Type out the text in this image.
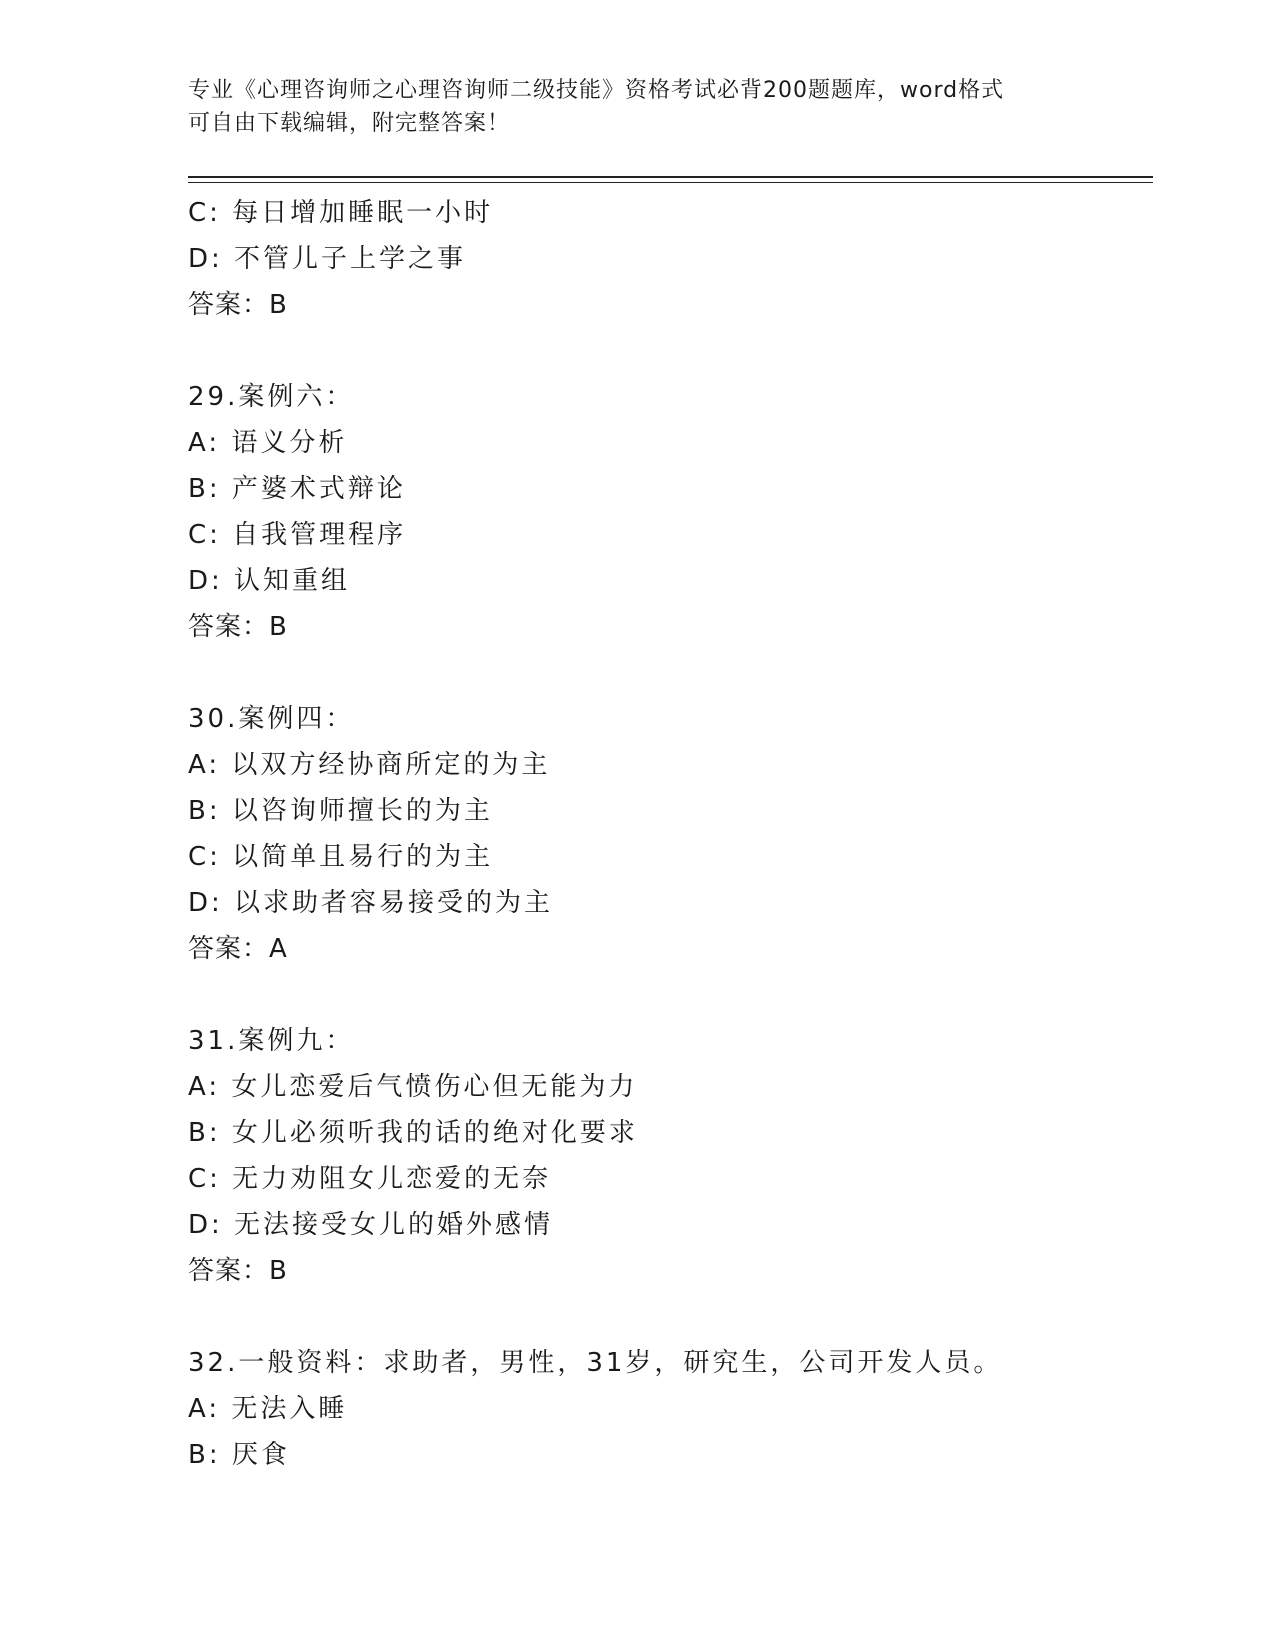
专业《心理咨询师之心理咨询师二级技能》资格考试必背200题题库，word格式
可自由下载编辑，附完整答案！
C: 每日增加睡眠一小时
D: 不管儿子上学之事
答案：B
29.案例六：
A: 语义分析
B: 产婆术式辩论
C: 自我管理程序
D: 认知重组
答案：B
30.案例四：
A: 以双方经协商所定的为主
B: 以咨询师擅长的为主
C: 以简单且易行的为主
D: 以求助者容易接受的为主
答案：A
31.案例九：
A: 女儿恋爱后气愤伤心但无能为力
B: 女儿必须听我的话的绝对化要求
C: 无力劝阻女儿恋爱的无奈
D: 无法接受女儿的婚外感情
答案：B
32.一般资料：求助者，男性，31岁，研究生，公司开发人员。
A: 无法入睡
B: 厌食
